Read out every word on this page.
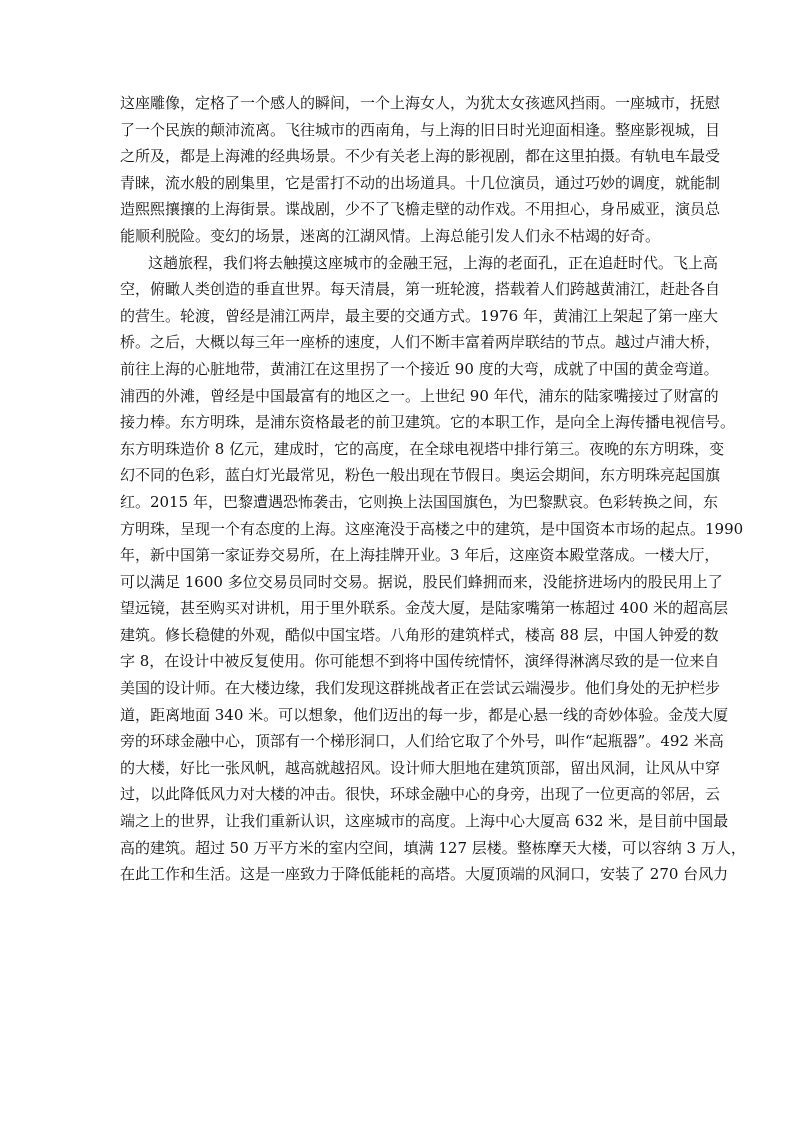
这座雕像，定格了一个感人的瞬间，一个上海女人，为犹太女孩遮风挡雨。一座城市，抚慰
了一个民族的颠沛流离。飞往城市的西南角，与上海的旧日时光迎面相逢。整座影视城，目
之所及，都是上海滩的经典场景。不少有关老上海的影视剧，都在这里拍摄。有轨电车最受
青睐，流水般的剧集里，它是雷打不动的出场道具。十几位演员，通过巧妙的调度，就能制
造熙熙攘攘的上海街景。谍战剧，少不了飞檐走壁的动作戏。不用担心，身吊威亚，演员总
能顺利脱险。变幻的场景，迷离的江湖风情。上海总能引发人们永不枯竭的好奇。
这趟旅程，我们将去触摸这座城市的金融王冠，上海的老面孔，正在追赶时代。飞上高
空，俯瞰人类创造的垂直世界。每天清晨，第一班轮渡，搭载着人们跨越黄浦江，赶赴各自
的营生。轮渡，曾经是浦江两岸，最主要的交通方式。1976 年，黄浦江上架起了第一座大
桥。之后，大概以每三年一座桥的速度，人们不断丰富着两岸联结的节点。越过卢浦大桥，
前往上海的心脏地带，黄浦江在这里拐了一个接近 90 度的大弯，成就了中国的黄金弯道。
浦西的外滩，曾经是中国最富有的地区之一。上世纪 90 年代，浦东的陆家嘴接过了财富的
接力棒。东方明珠，是浦东资格最老的前卫建筑。它的本职工作，是向全上海传播电视信号。
东方明珠造价 8 亿元，建成时，它的高度，在全球电视塔中排行第三。夜晚的东方明珠，变
幻不同的色彩，蓝白灯光最常见，粉色一般出现在节假日。奥运会期间，东方明珠亮起国旗
红。2015 年，巴黎遭遇恐怖袭击，它则换上法国国旗色，为巴黎默哀。色彩转换之间，东
方明珠，呈现一个有态度的上海。这座淹没于高楼之中的建筑，是中国资本市场的起点。1990
年，新中国第一家证券交易所，在上海挂牌开业。3 年后，这座资本殿堂落成。一楼大厅，
可以满足 1600 多位交易员同时交易。据说，股民们蜂拥而来，没能挤进场内的股民用上了
望远镜，甚至购买对讲机，用于里外联系。金茂大厦，是陆家嘴第一栋超过 400 米的超高层
建筑。修长稳健的外观，酷似中国宝塔。八角形的建筑样式，楼高 88 层，中国人钟爱的数
字 8，在设计中被反复使用。你可能想不到将中国传统情怀，演绎得淋漓尽致的是一位来自
美国的设计师。在大楼边缘，我们发现这群挑战者正在尝试云端漫步。他们身处的无护栏步
道，距离地面 340 米。可以想象，他们迈出的每一步，都是心悬一线的奇妙体验。金茂大厦
旁的环球金融中心，顶部有一个梯形洞口，人们给它取了个外号，叫作“起瓶器”。492 米高
的大楼，好比一张风帆，越高就越招风。设计师大胆地在建筑顶部，留出风洞，让风从中穿
过，以此降低风力对大楼的冲击。很快，环球金融中心的身旁，出现了一位更高的邻居，云
端之上的世界，让我们重新认识，这座城市的高度。上海中心大厦高 632 米，是目前中国最
高的建筑。超过 50 万平方米的室内空间，填满 127 层楼。整栋摩天大楼，可以容纳 3 万人，
在此工作和生活。这是一座致力于降低能耗的高塔。大厦顶端的风洞口，安装了 270 台风力
